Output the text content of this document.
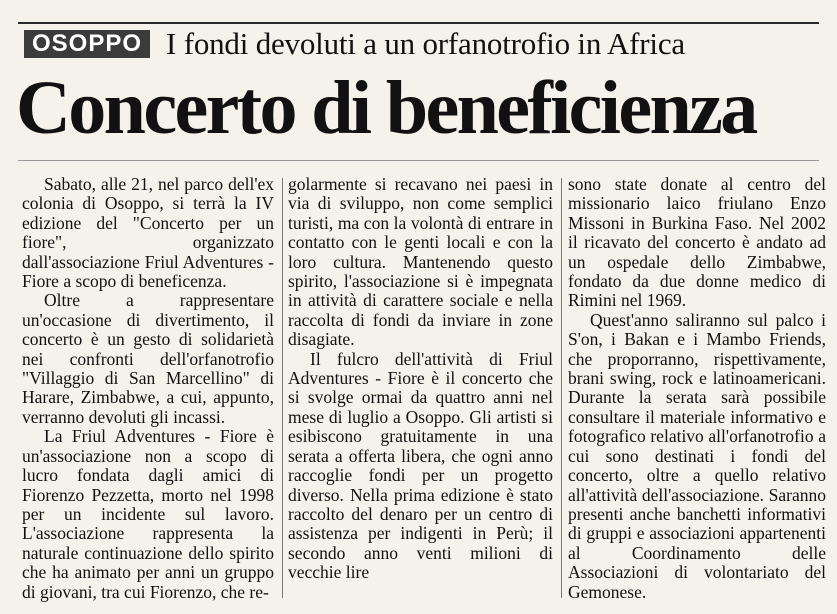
OSOPPO I fondi devoluti a un orfanotrofio in Africa
Concerto di beneficienza

Sabato, alle 21, nel parco dell'ex colonia di Osoppo, si terrà la IV edizione del "Concerto per un fiore", organizzato dall'associazione Friul Adventures - Fiore a scopo di beneficenza.

Oltre a rappresentare un'occasione di divertimento, il concerto è un gesto di solidarietà nei confronti dell'orfanotrofio "Villaggio di San Marcellino" di Harare, Zimbabwe, a cui, appunto, verranno devoluti gli incassi.

La Friul Adventures - Fiore è un'associazione non a scopo di lucro fondata dagli amici di Fiorenzo Pezzetta, morto nel 1998 per un incidente sul lavoro. L'associazione rappresenta la naturale continuazione dello spirito che ha animato per anni un gruppo di giovani, tra cui Fiorenzo, che re-

golarmente si recavano nei paesi in via di sviluppo, non come semplici turisti, ma con la volontà di entrare in contatto con le genti locali e con la loro cultura. Mantenendo questo spirito, l'associazione si è impegnata in attività di carattere sociale e nella raccolta di fondi da inviare in zone disagiate.

Il fulcro dell'attività di Friul Adventures - Fiore è il concerto che si svolge ormai da quattro anni nel mese di luglio a Osoppo. Gli artisti si esibiscono gratuitamente in una serata a offerta libera, che ogni anno raccoglie fondi per un progetto diverso. Nella prima edizione è stato raccolto del denaro per un centro di assistenza per indigenti in Perù; il secondo anno venti milioni di vecchie lire

sono state donate al centro del missionario laico friulano Enzo Missoni in Burkina Faso. Nel 2002 il ricavato del concerto è andato ad un ospedale dello Zimbabwe, fondato da due donne medico di Rimini nel 1969.

Quest'anno saliranno sul palco i S'on, i Bakan e i Mambo Friends, che proporranno, rispettivamente, brani swing, rock e latinoamericani. Durante la serata sarà possibile consultare il materiale informativo e fotografico relativo all'orfanotrofio a cui sono destinati i fondi del concerto, oltre a quello relativo all'attività dell'associazione. Saranno presenti anche banchetti informativi di gruppi e associazioni appartenenti al Coordinamento delle Associazioni di volontariato del Gemonese.
